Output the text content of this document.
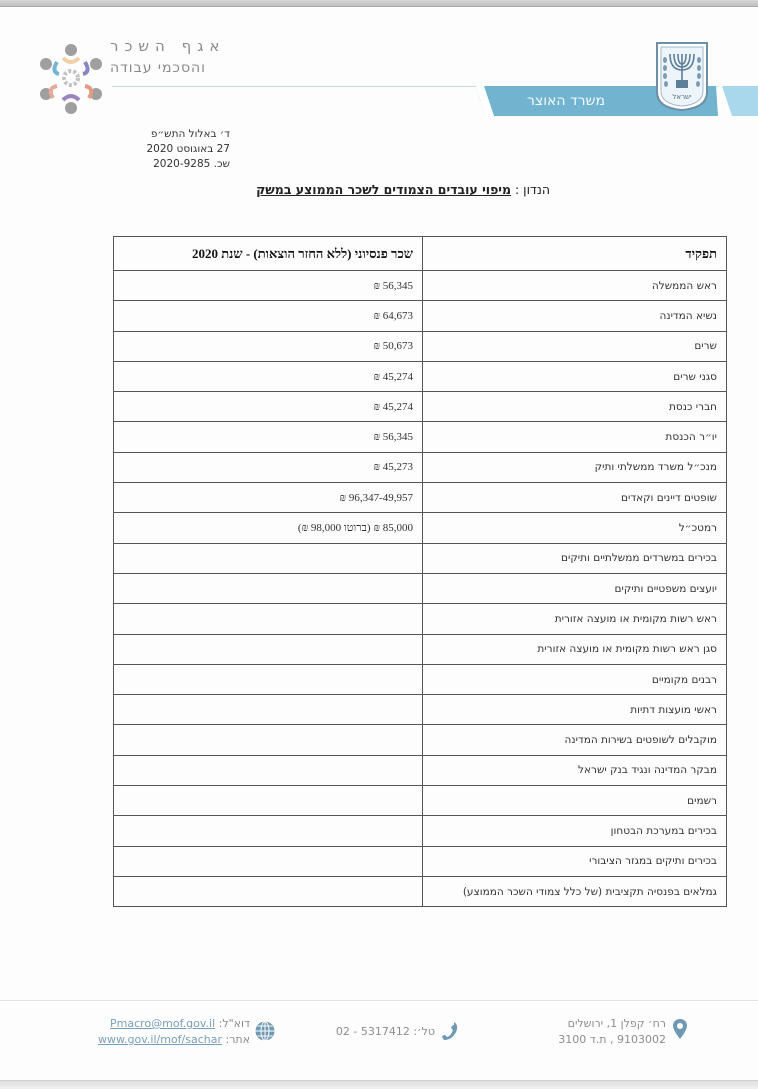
אגף השכר
והסכמי עבודה
משרד האוצר	ישראל
ד׳ באלול התש״פ
27 באוגוסט 2020
שכ. 2020-9285
הנדון : מיפוי עובדים הצמודים לשכר הממוצע במשק
תפקיד	שכר פנסיוני (ללא החזר הוצאות) - שנת 2020
ראש הממשלה	56,345 ₪
נשיא המדינה	64,673 ₪
שרים	50,673 ₪
סגני שרים	45,274 ₪
חברי כנסת	45,274 ₪
יו״ר הכנסת	56,345 ₪
מנכ״ל משרד ממשלתי ותיק	45,273 ₪
שופטים דיינים וקאדים	96,347-49,957 ₪
רמטכ״ל	85,000 ₪ (ברוטו 98,000 ₪)
בכירים במשרדים ממשלתיים ותיקים	
יועצים משפטיים ותיקים	
ראש רשות מקומית או מועצה אזורית	
סגן ראש רשות מקומית או מועצה אזורית	
רבנים מקומיים	
ראשי מועצות דתיות	
מוקבלים לשופטים בשירות המדינה	
מבקר המדינה ונגיד בנק ישראל	
רשמים	
בכירים במערכת הבטחון	
בכירים ותיקים במגזר הציבורי	
גמלאים בפנסיה תקציבית (של כלל צמודי השכר הממוצע)	
רח׳ קפלן 1, ירושלים
9103002 , ת.ד 3100
טל׳: 02 - 5317412
דוא"ל: Pmacro@mof.gov.il
אתר: www.gov.il/mof/sachar
